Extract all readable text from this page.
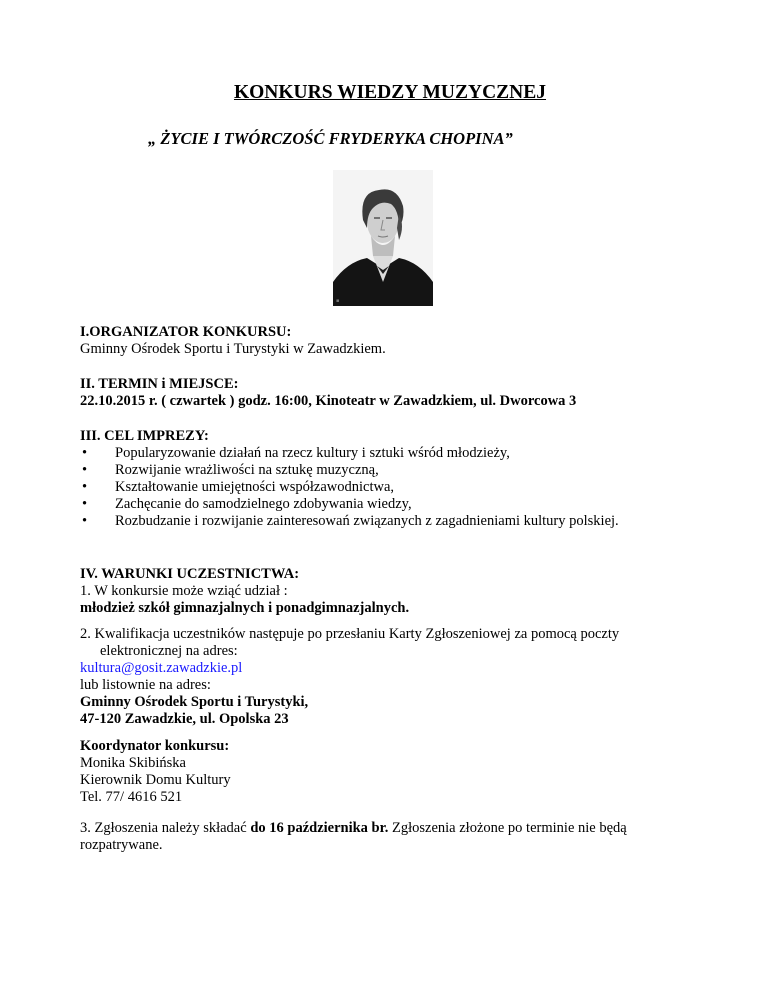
KONKURS WIEDZY MUZYCZNEJ
„ ŻYCIE I TWÓRCZOŚĆ FRYDERYKA CHOPINA”
▪
I.ORGANIZATOR KONKURSU:
Gminny Ośrodek Sportu i Turystyki w Zawadzkiem.
II. TERMIN i MIEJSCE:
22.10.2015 r. ( czwartek ) godz. 16:00, Kinoteatr w Zawadzkiem, ul. Dworcowa 3
III. CEL IMPREZY:
• Popularyzowanie działań na rzecz kultury i sztuki wśród młodzieży,
• Rozwijanie wrażliwości na sztukę muzyczną,
• Kształtowanie umiejętności współzawodnictwa,
• Zachęcanie do samodzielnego zdobywania wiedzy,
• Rozbudzanie i rozwijanie zainteresowań związanych z zagadnieniami kultury polskiej.
IV. WARUNKI UCZESTNICTWA:
1. W konkursie może wziąć udział :
młodzież szkół gimnazjalnych i ponadgimnazjalnych.
2. Kwalifikacja uczestników następuje po przesłaniu Karty Zgłoszeniowej za pomocą poczty
elektronicznej na adres:
kultura@gosit.zawadzkie.pl
lub listownie na adres:
Gminny Ośrodek Sportu i Turystyki,
47-120 Zawadzkie, ul. Opolska 23
Koordynator konkursu:
Monika Skibińska
Kierownik Domu Kultury
Tel. 77/ 4616 521
3. Zgłoszenia należy składać do 16 października br. Zgłoszenia złożone po terminie nie będą
rozpatrywane.
